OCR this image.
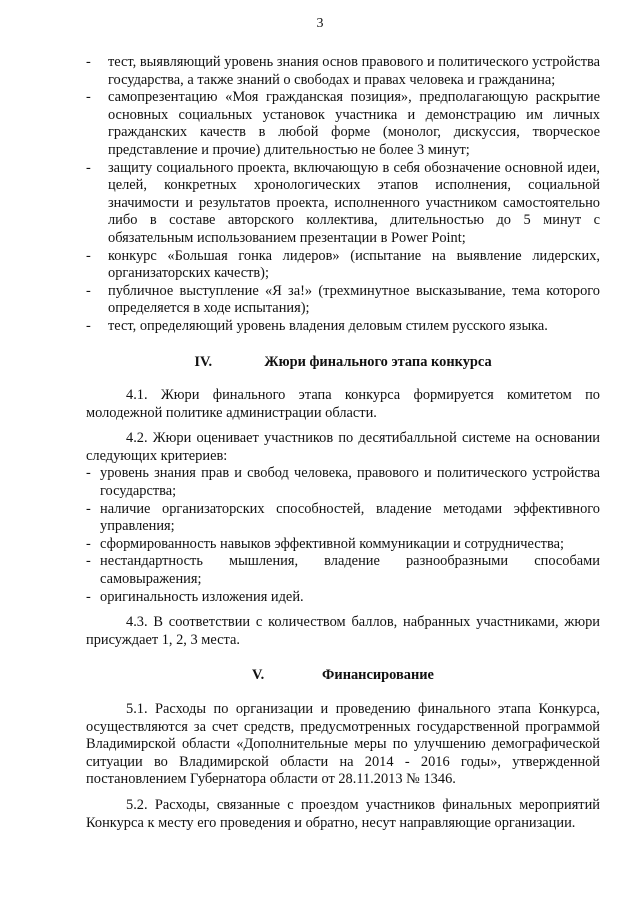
3
- тест, выявляющий уровень знания основ правового и политического устройства государства, а также знаний о свободах и правах человека и гражданина;
- самопрезентацию «Моя гражданская позиция», предполагающую раскрытие основных социальных установок участника и демонстрацию им личных гражданских качеств в любой форме (монолог, дискуссия, творческое представление и прочие) длительностью не более 3 минут;
- защиту социального проекта, включающую в себя обозначение основной идеи, целей, конкретных хронологических этапов исполнения, социальной значимости и результатов проекта, исполненного участником самостоятельно либо в составе авторского коллектива, длительностью до 5 минут с обязательным использованием презентации в Power Point;
- конкурс «Большая гонка лидеров» (испытание на выявление лидерских, организаторских качеств);
- публичное выступление «Я за!» (трехминутное высказывание, тема которого определяется в ходе испытания);
- тест, определяющий уровень владения деловым стилем русского языка.
IV.	Жюри финального этапа конкурса
4.1. Жюри финального этапа конкурса формируется комитетом по молодежной политике администрации области.
4.2. Жюри оценивает участников по десятибалльной системе на основании следующих критериев:
- уровень знания прав и свобод человека, правового и политического устройства государства;
- наличие организаторских способностей, владение методами эффективного управления;
- сформированность навыков эффективной коммуникации и сотрудничества;
- нестандартность мышления, владение разнообразными способами самовыражения;
- оригинальность изложения идей.
4.3. В соответствии с количеством баллов, набранных участниками, жюри присуждает 1, 2, 3 места.
V.	Финансирование
5.1. Расходы по организации и проведению финального этапа Конкурса, осуществляются за счет средств, предусмотренных государственной программой Владимирской области «Дополнительные меры по улучшению демографической ситуации во Владимирской области на 2014 - 2016 годы», утвержденной постановлением Губернатора области от 28.11.2013 № 1346.
5.2. Расходы, связанные с проездом участников финальных мероприятий Конкурса к месту его проведения и обратно, несут направляющие организации.
